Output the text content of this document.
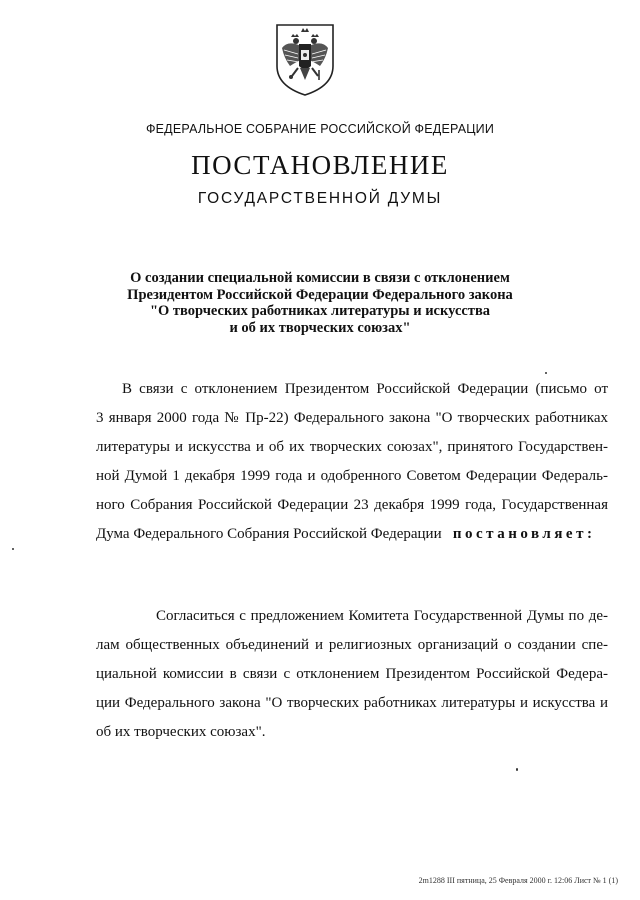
ФЕДЕРАЛЬНОЕ СОБРАНИЕ РОССИЙСКОЙ ФЕДЕРАЦИИ
ПОСТАНОВЛЕНИЕ
ГОСУДАРСТВЕННОЙ ДУМЫ
О создании специальной комиссии в связи с отклонением
Президентом Российской Федерации Федерального закона
"О творческих работниках литературы и искусства
и об их творческих союзах"
В связи с отклонением Президентом Российской Федерации (письмо от
3 января 2000 года № Пр-22) Федерального закона "О творческих работниках
литературы и искусства и об их творческих союзах", принятого Государствен-
ной Думой 1 декабря 1999 года и одобренного Советом Федерации Федераль-
ного Собрания Российской Федерации 23 декабря 1999 года, Государственная
Дума Федерального Собрания Российской Федерации постановляет:
Согласиться с предложением Комитета Государственной Думы по де-
лам общественных объединений и религиозных организаций о создании спе-
циальной комиссии в связи с отклонением Президентом Российской Федера-
ции Федерального закона "О творческих работниках литературы и искусства и
об их творческих союзах".
2m1288 III пятница, 25 Февраля 2000 г. 12:06 Лист № 1 (1)
